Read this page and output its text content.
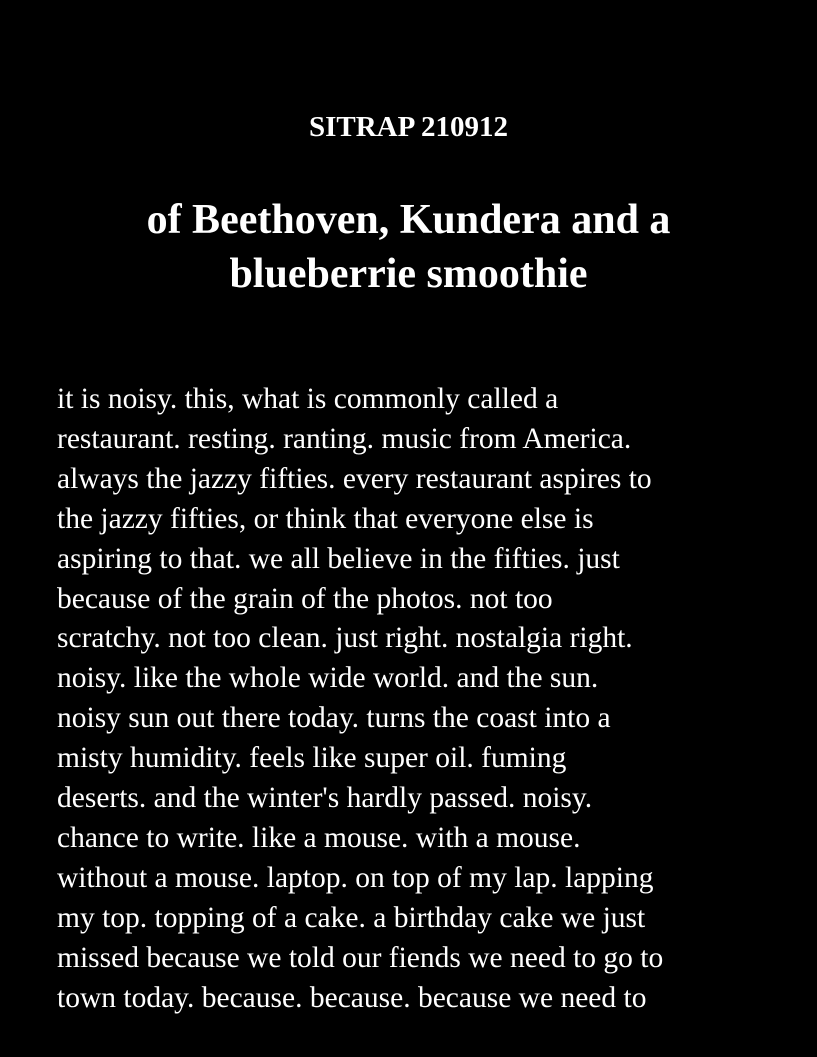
SITRAP 210912
of Beethoven, Kundera and a
blueberrie smoothie
it is noisy. this, what is commonly called a
restaurant. resting. ranting. music from America.
always the jazzy fifties. every restaurant aspires to
the jazzy fifties, or think that everyone else is
aspiring to that. we all believe in the fifties. just
because of the grain of the photos. not too
scratchy. not too clean. just right. nostalgia right.
noisy. like the whole wide world. and the sun.
noisy sun out there today. turns the coast into a
misty humidity. feels like super oil. fuming
deserts. and the winter's hardly passed. noisy.
chance to write. like a mouse. with a mouse.
without a mouse. laptop. on top of my lap. lapping
my top. topping of a cake. a birthday cake we just
missed because we told our fiends we need to go to
town today. because. because. because we need to
